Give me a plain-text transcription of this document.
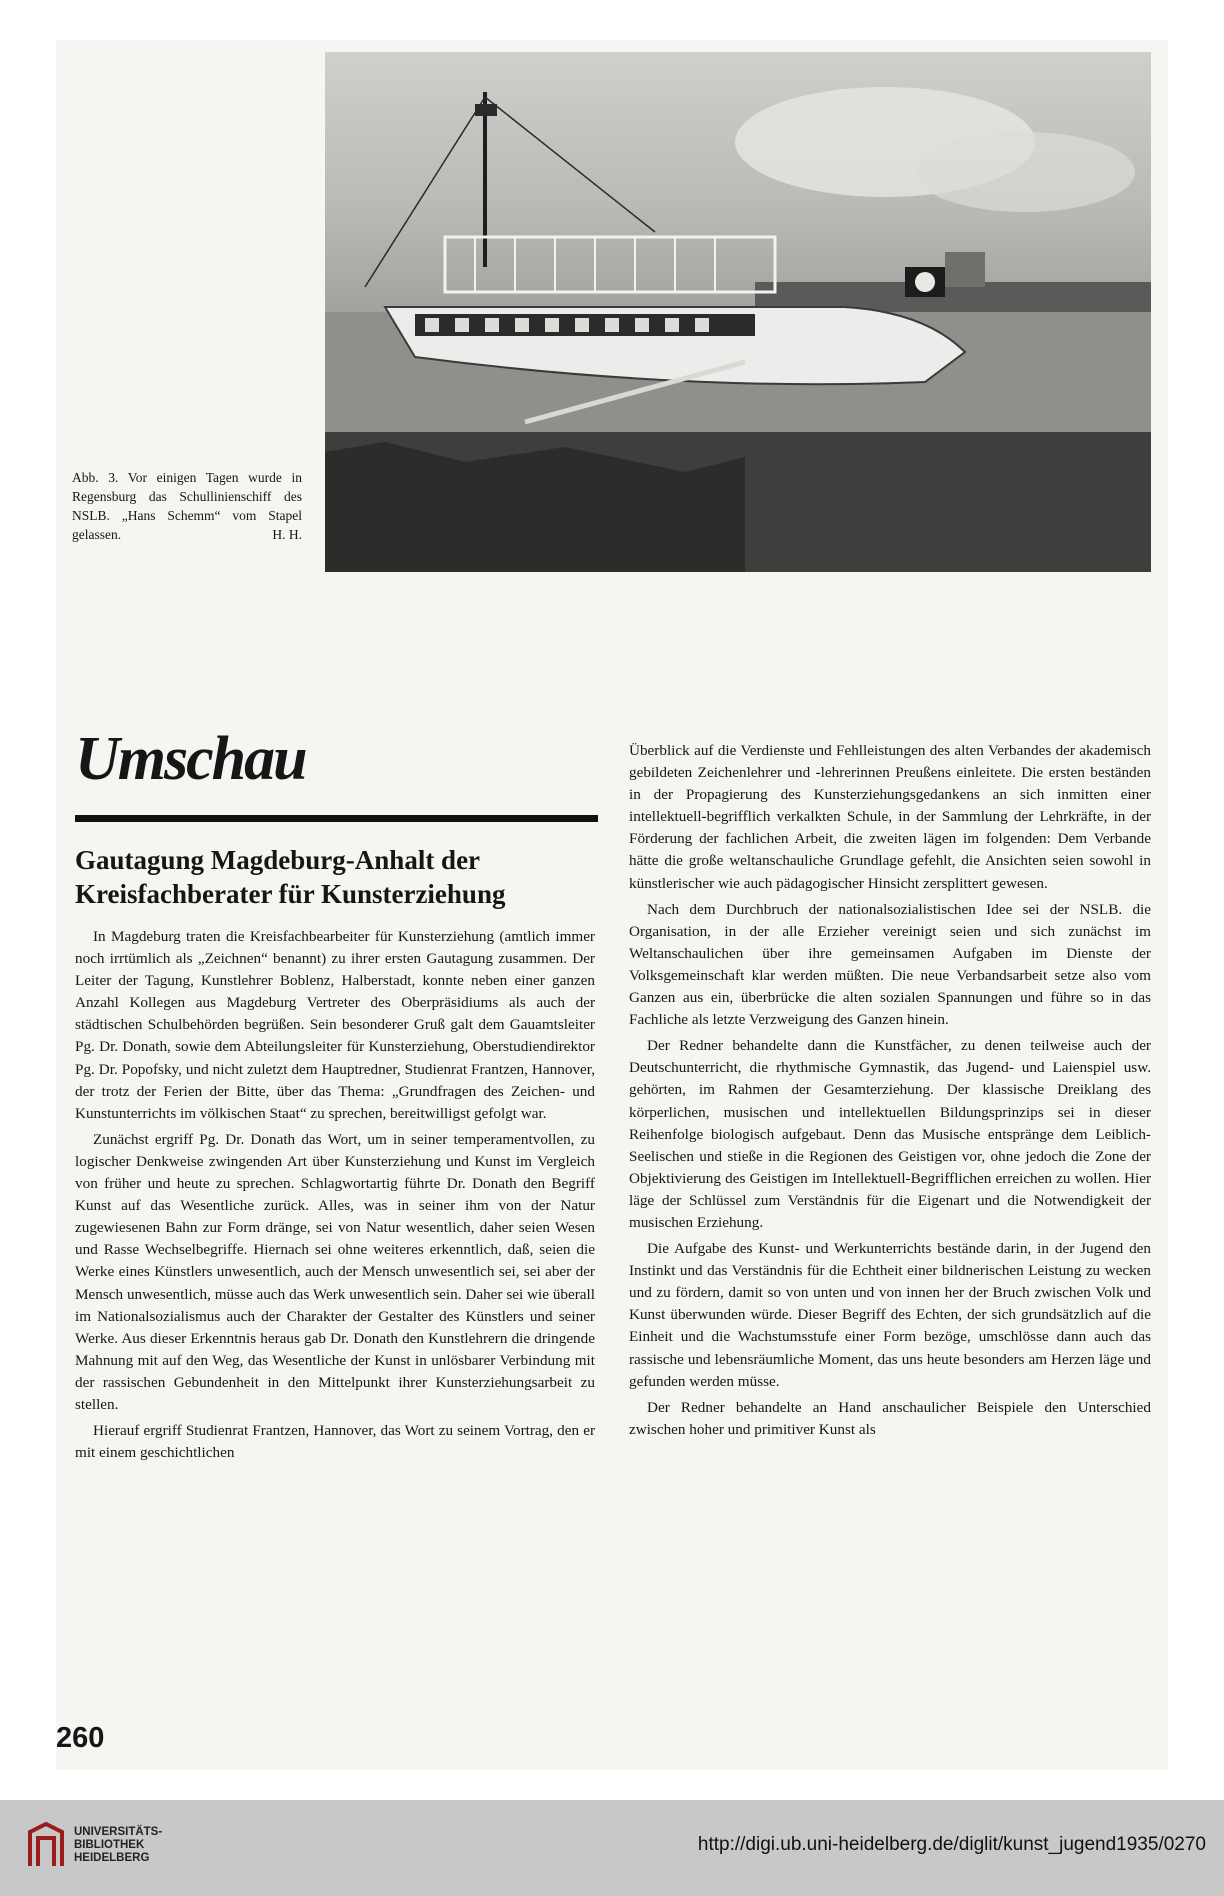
Abb. 3. Vor einigen Tagen wurde in Regensburg das Schullinienschiff des NSLB. „Hans Schemm“ vom Stapel gelassen.	H. H.
Umschau
Gautagung Magdeburg-Anhalt der
Kreisfachberater für Kunsterziehung

In Magdeburg traten die Kreisfachbearbeiter für Kunsterziehung (amtlich immer noch irrtümlich als „Zeichnen“ benannt) zu ihrer ersten Gautagung zusammen. Der Leiter der Tagung, Kunstlehrer Boblenz, Halberstadt, konnte neben einer ganzen Anzahl Kollegen aus Magdeburg Vertreter des Oberpräsidiums als auch der städtischen Schulbehörden begrüßen. Sein besonderer Gruß galt dem Gauamtsleiter Pg. Dr. Donath, sowie dem Abteilungsleiter für Kunsterziehung, Oberstudiendirektor Pg. Dr. Popofsky, und nicht zuletzt dem Hauptredner, Studienrat Frantzen, Hannover, der trotz der Ferien der Bitte, über das Thema: „Grundfragen des Zeichen- und Kunstunterrichts im völkischen Staat“ zu sprechen, bereitwilligst gefolgt war.

Zunächst ergriff Pg. Dr. Donath das Wort, um in seiner temperamentvollen, zu logischer Denkweise zwingenden Art über Kunsterziehung und Kunst im Vergleich von früher und heute zu sprechen. Schlagwortartig führte Dr. Donath den Begriff Kunst auf das Wesentliche zurück. Alles, was in seiner ihm von der Natur zugewiesenen Bahn zur Form dränge, sei von Natur wesentlich, daher seien Wesen und Rasse Wechselbegriffe. Hiernach sei ohne weiteres erkenntlich, daß, seien die Werke eines Künstlers unwesentlich, auch der Mensch unwesentlich sei, sei aber der Mensch unwesentlich, müsse auch das Werk unwesentlich sein. Daher sei wie überall im Nationalsozialismus auch der Charakter der Gestalter des Künstlers und seiner Werke. Aus dieser Erkenntnis heraus gab Dr. Donath den Kunstlehrern die dringende Mahnung mit auf den Weg, das Wesentliche der Kunst in unlösbarer Verbindung mit der rassischen Gebundenheit in den Mittelpunkt ihrer Kunsterziehungsarbeit zu stellen.

Hierauf ergriff Studienrat Frantzen, Hannover, das Wort zu seinem Vortrag, den er mit einem geschichtlichen

Überblick auf die Verdienste und Fehlleistungen des alten Verbandes der akademisch gebildeten Zeichenlehrer und -lehrerinnen Preußens einleitete. Die ersten beständen in der Propagierung des Kunsterziehungsgedankens an sich inmitten einer intellektuell-begrifflich verkalkten Schule, in der Sammlung der Lehrkräfte, in der Förderung der fachlichen Arbeit, die zweiten lägen im folgenden: Dem Verbande hätte die große weltanschauliche Grundlage gefehlt, die Ansichten seien sowohl in künstlerischer wie auch pädagogischer Hinsicht zersplittert gewesen.

Nach dem Durchbruch der nationalsozialistischen Idee sei der NSLB. die Organisation, in der alle Erzieher vereinigt seien und sich zunächst im Weltanschaulichen über ihre gemeinsamen Aufgaben im Dienste der Volksgemeinschaft klar werden müßten. Die neue Verbandsarbeit setze also vom Ganzen aus ein, überbrücke die alten sozialen Spannungen und führe so in das Fachliche als letzte Verzweigung des Ganzen hinein.

Der Redner behandelte dann die Kunstfächer, zu denen teilweise auch der Deutschunterricht, die rhythmische Gymnastik, das Jugend- und Laienspiel usw. gehörten, im Rahmen der Gesamterziehung. Der klassische Dreiklang des körperlichen, musischen und intellektuellen Bildungsprinzips sei in dieser Reihenfolge biologisch aufgebaut. Denn das Musische entspränge dem Leiblich-Seelischen und stieße in die Regionen des Geistigen vor, ohne jedoch die Zone der Objektivierung des Geistigen im Intellektuell-Begrifflichen erreichen zu wollen. Hier läge der Schlüssel zum Verständnis für die Eigenart und die Notwendigkeit der musischen Erziehung.

Die Aufgabe des Kunst- und Werkunterrichts bestände darin, in der Jugend den Instinkt und das Verständnis für die Echtheit einer bildnerischen Leistung zu wecken und zu fördern, damit so von unten und von innen her der Bruch zwischen Volk und Kunst überwunden würde. Dieser Begriff des Echten, der sich grundsätzlich auf die Einheit und die Wachstumsstufe einer Form bezöge, umschlösse dann auch das rassische und lebensräumliche Moment, das uns heute besonders am Herzen läge und gefunden werden müsse.

Der Redner behandelte an Hand anschaulicher Beispiele den Unterschied zwischen hoher und primitiver Kunst als

260
UNIVERSITÄTS-
BIBLIOTHEK
HEIDELBERG
http://digi.ub.uni-heidelberg.de/diglit/kunst_jugend1935/0270
